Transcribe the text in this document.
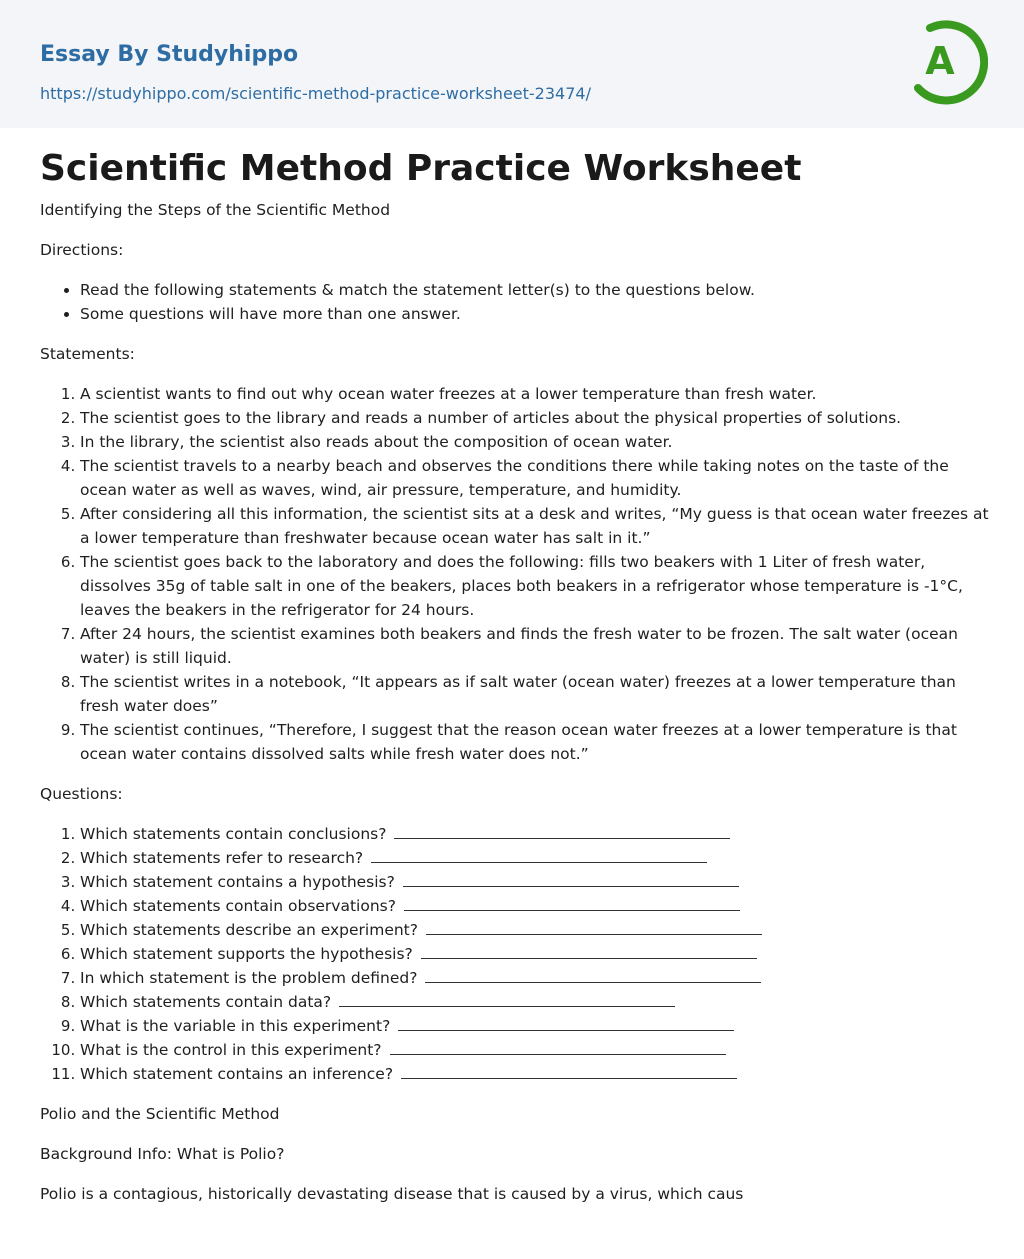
Essay By Studyhippo
https://studyhippo.com/scientific-method-practice-worksheet-23474/
A
Scientific Method Practice Worksheet

Identifying the Steps of the Scientific Method

Directions:

• Read the following statements & match the statement letter(s) to the questions below.
• Some questions will have more than one answer.

Statements:

1. A scientist wants to find out why ocean water freezes at a lower temperature than fresh water.
2. The scientist goes to the library and reads a number of articles about the physical properties of solutions.
3. In the library, the scientist also reads about the composition of ocean water.
4. The scientist travels to a nearby beach and observes the conditions there while taking notes on the taste of the ocean water as well as waves, wind, air pressure, temperature, and humidity.
5. After considering all this information, the scientist sits at a desk and writes, “My guess is that ocean water freezes at a lower temperature than freshwater because ocean water has salt in it.”
6. The scientist goes back to the laboratory and does the following: fills two beakers with 1 Liter of fresh water, dissolves 35g of table salt in one of the beakers, places both beakers in a refrigerator whose temperature is -1°C, leaves the beakers in the refrigerator for 24 hours.
7. After 24 hours, the scientist examines both beakers and finds the fresh water to be frozen. The salt water (ocean water) is still liquid.
8. The scientist writes in a notebook, “It appears as if salt water (ocean water) freezes at a lower temperature than fresh water does”
9. The scientist continues, “Therefore, I suggest that the reason ocean water freezes at a lower temperature is that ocean water contains dissolved salts while fresh water does not.”

Questions:

1. Which statements contain conclusions?
2. Which statements refer to research?
3. Which statement contains a hypothesis?
4. Which statements contain observations?
5. Which statements describe an experiment?
6. Which statement supports the hypothesis?
7. In which statement is the problem defined?
8. Which statements contain data?
9. What is the variable in this experiment?
10. What is the control in this experiment?
11. Which statement contains an inference?

Polio and the Scientific Method

Background Info: What is Polio?

Polio is a contagious, historically devastating disease that is caused by a virus, which caus
